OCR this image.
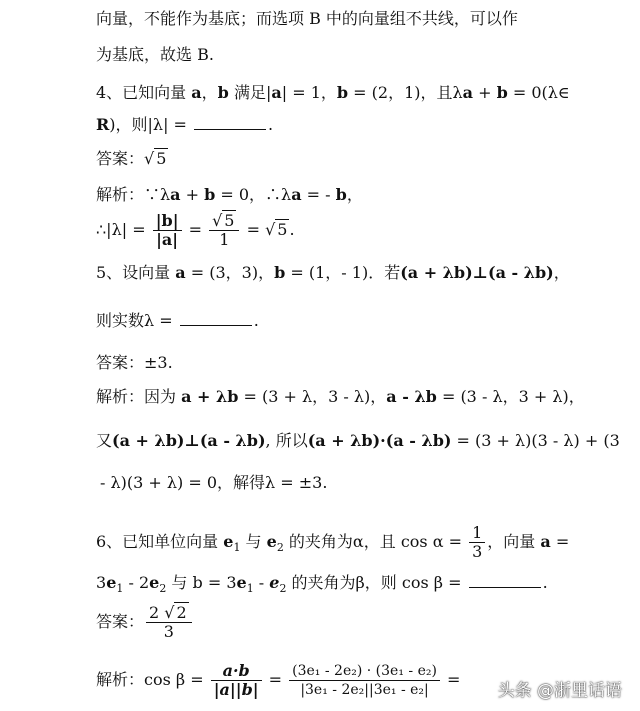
向量，不能作为基底；而选项 B 中的向量组不共线，可以作
为基底，故选 B.
4、已知向量 a，b 满足|a| = 1，b = (2，1)，且λa + b = 0(λ∈
R)，则|λ| =	.
答案：√ 5
解析：∵λa + b = 0，∴λa = - b，
∴|λ| = $\frac{|b|}{|a|} = \frac{√ 5}{1}$ = √ 5 .
5、设向量 a = (3，3)，b = (1，- 1)．若(a + λb)⊥(a - λb)，
则实数λ =	.
答案：±3.
解析：因为 a + λb = (3 + λ，3 - λ)，a - λb = (3 - λ，3 + λ)，
又(a + λb)⊥(a - λb), 所以(a + λb)·(a - λb) = (3 + λ)(3 - λ) + (3
- λ)(3 + λ) = 0，解得λ = ±3.
6、已知单位向量 $e_1$ 与 $e_2$ 的夹角为α，且 $\cos \alpha = \frac{1}{3}$ ，向量 a =
$3e_1 - 2e_2$ 与 $b = 3e_1 - e_2$ 的夹角为β，则 cos β =	.
答案： $\frac{2 √ 2}{3}$
解析：$\cos \beta = \frac{a\cdot b}{|a||b|} = \frac{\text{(3e₁ - 2e₂) · (3e₁ - e₂)}}{\text{|3e₁ - 2e₂||3e₁ - e₂|}}$ =
头条 @浙里话语
